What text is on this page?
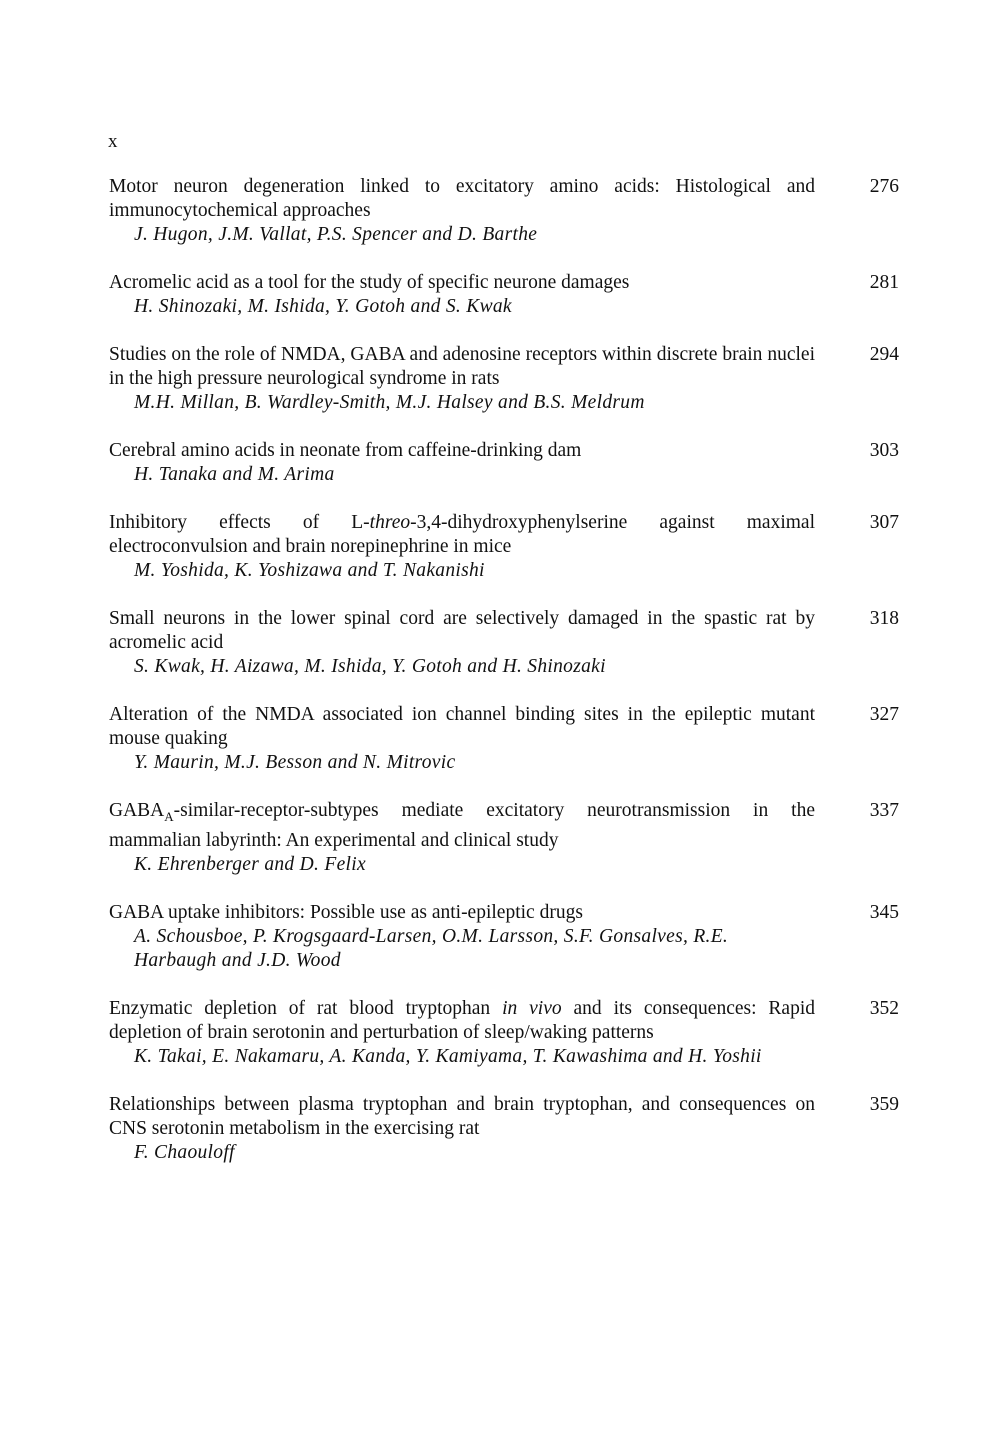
x
Motor neuron degeneration linked to excitatory amino acids: Histological and immunocytochemical approaches
J. Hugon, J.M. Vallat, P.S. Spencer and D. Barthe
276
Acromelic acid as a tool for the study of specific neurone damages
H. Shinozaki, M. Ishida, Y. Gotoh and S. Kwak
281
Studies on the role of NMDA, GABA and adenosine receptors within discrete brain nuclei in the high pressure neurological syndrome in rats
M.H. Millan, B. Wardley-Smith, M.J. Halsey and B.S. Meldrum
294
Cerebral amino acids in neonate from caffeine-drinking dam
H. Tanaka and M. Arima
303
Inhibitory effects of L-threo-3,4-dihydroxyphenylserine against maximal electroconvulsion and brain norepinephrine in mice
M. Yoshida, K. Yoshizawa and T. Nakanishi
307
Small neurons in the lower spinal cord are selectively damaged in the spastic rat by acromelic acid
S. Kwak, H. Aizawa, M. Ishida, Y. Gotoh and H. Shinozaki
318
Alteration of the NMDA associated ion channel binding sites in the epileptic mutant mouse quaking
Y. Maurin, M.J. Besson and N. Mitrovic
327
$GABA_A-similar-receptor$-subtypes mediate excitatory neurotransmission in the mammalian labyrinth: An experimental and clinical study
K. Ehrenberger and D. Felix
337
GABA uptake inhibitors: Possible use as anti-epileptic drugs
A. Schousboe, P. Krogsgaard-Larsen, O.M. Larsson, S.F. Gonsalves, R.E. Harbaugh and J.D. Wood
345
Enzymatic depletion of rat blood tryptophan in vivo and its consequences: Rapid depletion of brain serotonin and perturbation of sleep/waking patterns
K. Takai, E. Nakamaru, A. Kanda, Y. Kamiyama, T. Kawashima and H. Yoshii
352
Relationships between plasma tryptophan and brain tryptophan, and consequences on CNS serotonin metabolism in the exercising rat
F. Chaouloff
359
